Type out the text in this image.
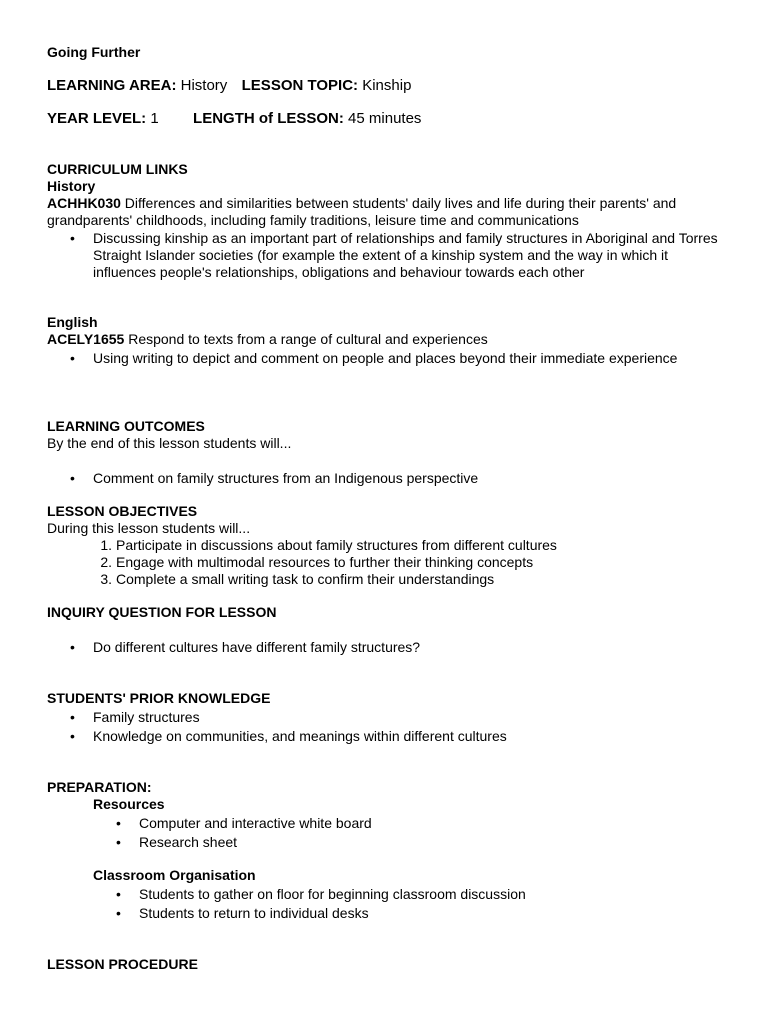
Going Further
LEARNING AREA: History LESSON TOPIC: Kinship
YEAR LEVEL: 1 LENGTH of LESSON: 45 minutes
CURRICULUM LINKS
History
ACHHK030 Differences and similarities between students' daily lives and life during their parents' and grandparents' childhoods, including family traditions, leisure time and communications
• Discussing kinship as an important part of relationships and family structures in Aboriginal and Torres Straight Islander societies (for example the extent of a kinship system and the way in which it influences people's relationships, obligations and behaviour towards each other
English
ACELY1655 Respond to texts from a range of cultural and experiences
• Using writing to depict and comment on people and places beyond their immediate experience
LEARNING OUTCOMES
By the end of this lesson students will...
• Comment on family structures from an Indigenous perspective
LESSON OBJECTIVES
During this lesson students will...
1. Participate in discussions about family structures from different cultures
2. Engage with multimodal resources to further their thinking concepts
3. Complete a small writing task to confirm their understandings
INQUIRY QUESTION FOR LESSON
• Do different cultures have different family structures?
STUDENTS' PRIOR KNOWLEDGE
• Family structures
• Knowledge on communities, and meanings within different cultures
PREPARATION:
Resources
• Computer and interactive white board
• Research sheet
Classroom Organisation
• Students to gather on floor for beginning classroom discussion
• Students to return to individual desks
LESSON PROCEDURE
